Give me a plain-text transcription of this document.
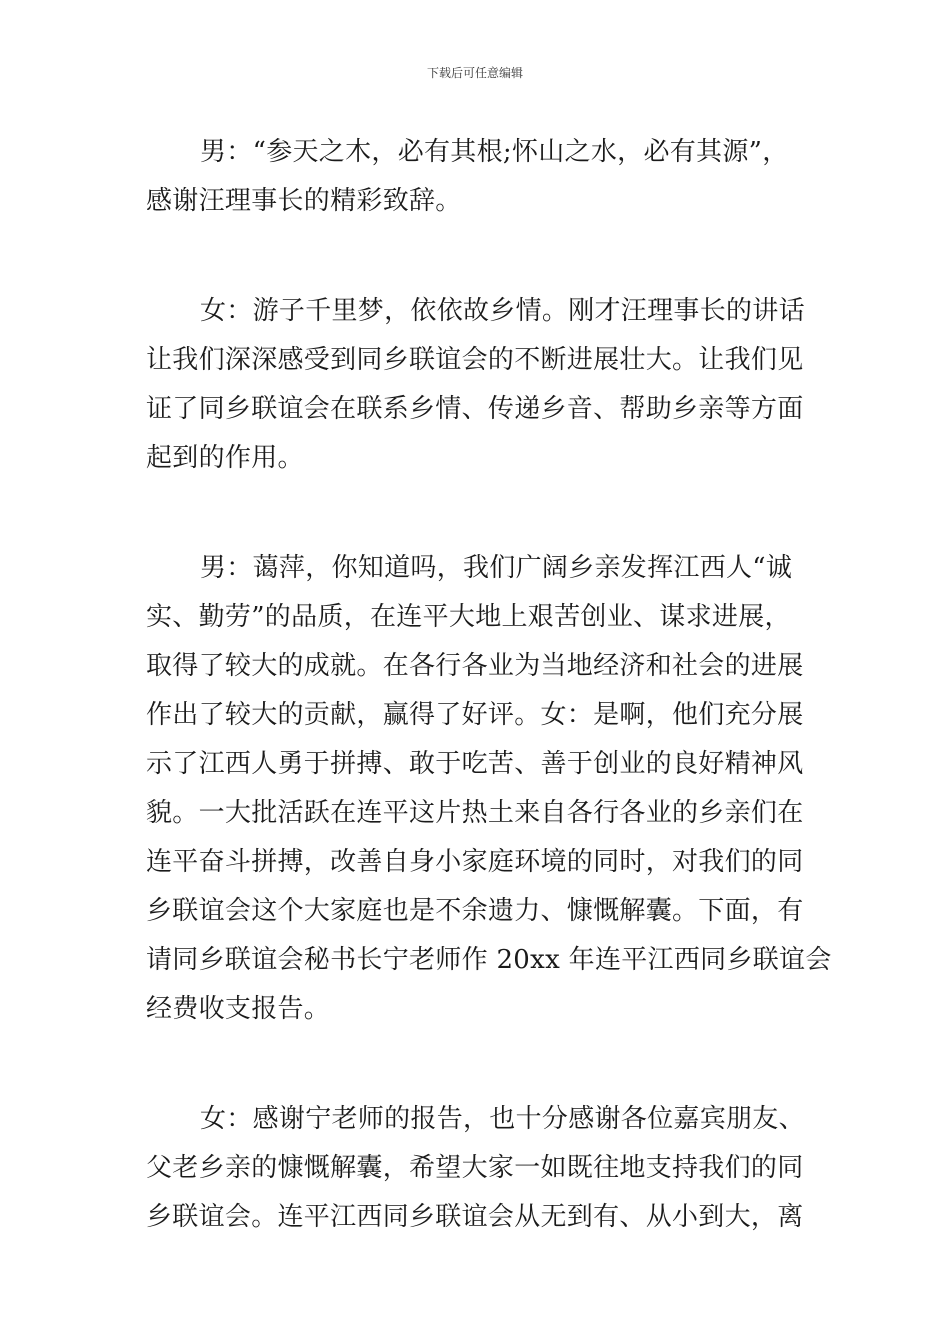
下载后可任意编辑

男：“参天之木，必有其根;怀山之水，必有其源”，
感谢汪理事长的精彩致辞。

女：游子千里梦，依依故乡情。刚才汪理事长的讲话
让我们深深感受到同乡联谊会的不断进展壮大。让我们见
证了同乡联谊会在联系乡情、传递乡音、帮助乡亲等方面
起到的作用。

男：蔼萍，你知道吗，我们广阔乡亲发挥江西人“诚
实、勤劳”的品质，在连平大地上艰苦创业、谋求进展，
取得了较大的成就。在各行各业为当地经济和社会的进展
作出了较大的贡献，赢得了好评。女：是啊，他们充分展
示了江西人勇于拼搏、敢于吃苦、善于创业的良好精神风
貌。一大批活跃在连平这片热土来自各行各业的乡亲们在
连平奋斗拼搏，改善自身小家庭环境的同时，对我们的同
乡联谊会这个大家庭也是不余遗力、慷慨解囊。下面，有
请同乡联谊会秘书长宁老师作 20xx 年连平江西同乡联谊会
经费收支报告。

女：感谢宁老师的报告，也十分感谢各位嘉宾朋友、
父老乡亲的慷慨解囊，希望大家一如既往地支持我们的同
乡联谊会。连平江西同乡联谊会从无到有、从小到大，离
